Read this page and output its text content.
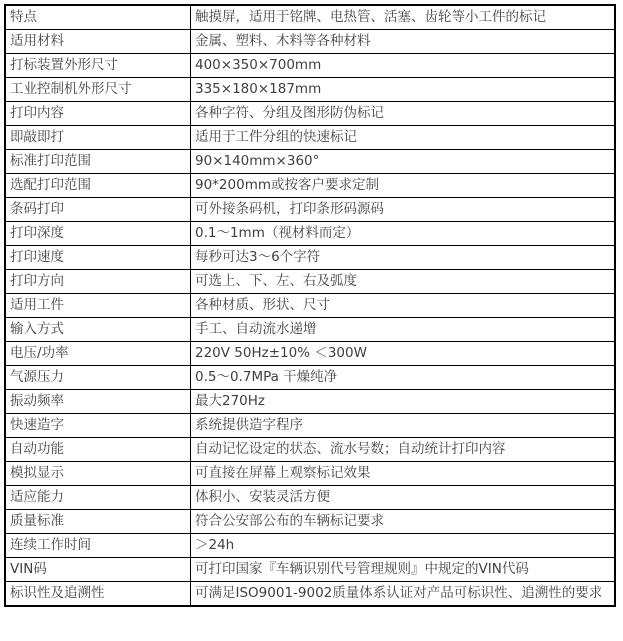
特点	触摸屏，适用于铭牌、电热管、活塞、齿轮等小工件的标记
适用材料	金属、塑料、木料等各种材料
打标装置外形尺寸	400×350×700mm
工业控制机外形尺寸	335×180×187mm
打印内容	各种字符、分组及图形防伪标记
即敲即打	适用于工件分组的快速标记
标准打印范围	90×140mm×360°
选配打印范围	90*200mm或按客户要求定制
条码打印	可外接条码机，打印条形码源码
打印深度	0.1～1mm（视材料而定）
打印速度	每秒可达3～6个字符
打印方向	可选上、下、左、右及弧度
适用工件	各种材质、形状、尺寸
输入方式	手工、自动流水递增
电压/功率	220V 50Hz±10% ＜300W
气源压力	0.5～0.7MPa 干燥纯净
振动频率	最大270Hz
快速造字	系统提供造字程序
自动功能	自动记忆设定的状态、流水号数；自动统计打印内容
模拟显示	可直接在屏幕上观察标记效果
适应能力	体积小、安装灵活方便
质量标准	符合公安部公布的车辆标记要求
连续工作时间	＞24h
VIN码	可打印国家『车辆识别代号管理规则』中规定的VIN代码
标识性及追溯性	可满足ISO9001-9002质量体系认证对产品可标识性、追溯性的要求
